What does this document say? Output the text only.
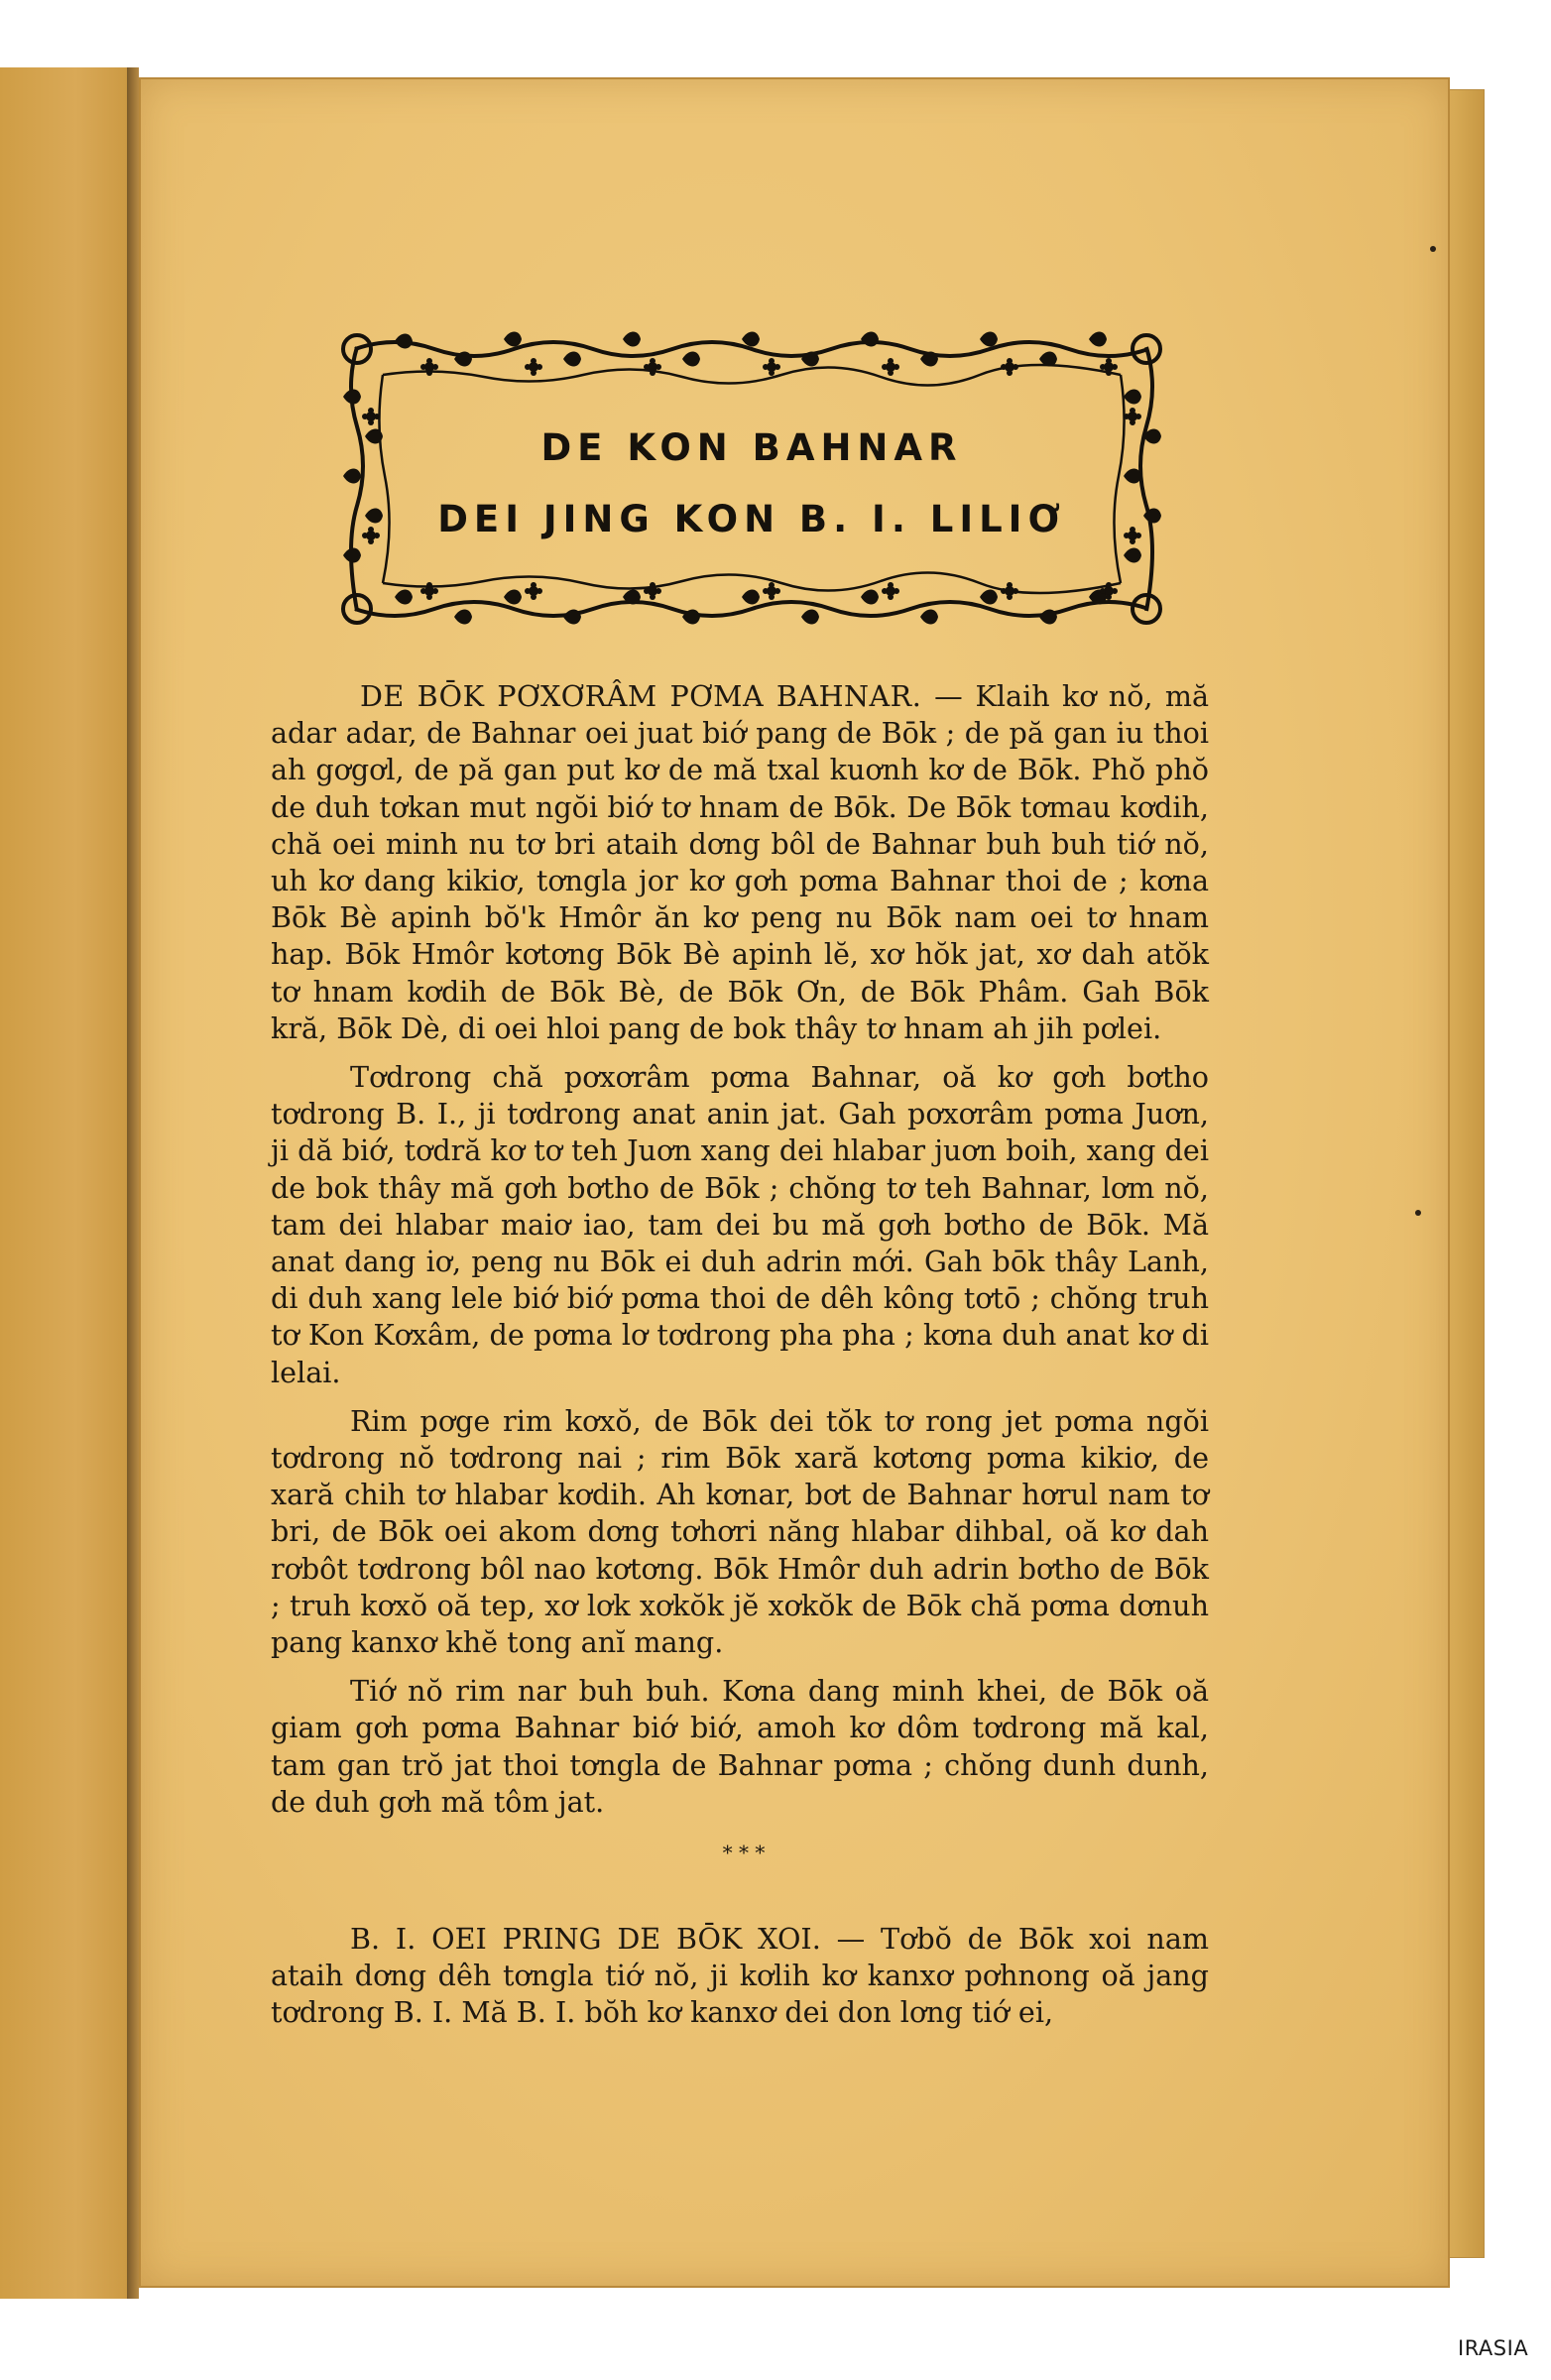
DE KON BAHNAR
DEI JING KON B. I. LILIƠ

DE BŌK PƠXƠRÂM PƠMA BAHNAR. — Klaih kơ nŏ, mă adar adar, de Bahnar oei juat biớ pang de Bōk ; de pă gan iu thoi ah gơgơl, de pă gan put kơ de mă txal kuơnh kơ de Bōk. Phŏ phŏ de duh tơkan mut ngŏi biớ tơ hnam de Bōk. De Bōk tơmau kơdih, chă oei minh nu tơ bri ataih dơng bôl de Bahnar buh buh tiớ nŏ, uh kơ dang kikiơ, tơngla jor kơ gơh pơma Bahnar thoi de ; kơna Bōk Bè apinh bŏ'k Hmôr ăn kơ peng nu Bōk nam oei tơ hnam hap. Bōk Hmôr kơtơng Bōk Bè apinh lĕ, xơ hŏk jat, xơ dah atŏk tơ hnam kơdih de Bōk Bè, de Bōk Ơn, de Bōk Phâm. Gah Bōk kră, Bōk Dè, di oei hloi pang de bok thây tơ hnam ah jih pơlei.

Tơdrong chă pơxơrâm pơma Bahnar, oă kơ gơh bơtho tơdrong B. I., ji tơdrong anat anin jat. Gah pơxơrâm pơma Juơn, ji dă biớ, tơdră kơ tơ teh Juơn xang dei hlabar juơn boih, xang dei de bok thây mă gơh bơtho de Bōk ; chŏng tơ teh Bahnar, lơm nŏ, tam dei hlabar maiơ iao, tam dei bu mă gơh bơtho de Bōk. Mă anat dang iơ, peng nu Bōk ei duh adrin mới. Gah bōk thây Lanh, di duh xang lele biớ biớ pơma thoi de dêh kông tơtō ; chŏng truh tơ Kon Kơxâm, de pơma lơ tơdrong pha pha ; kơna duh anat kơ di lelai.

Rim pơge rim kơxŏ, de Bōk dei tŏk tơ rong jet pơma ngŏi tơdrong nŏ tơdrong nai ; rim Bōk xară kơtơng pơma kikiơ, de xară chih tơ hlabar kơdih. Ah kơnar, bơt de Bahnar hơrul nam tơ bri, de Bōk oei akom dơng tơhơri năng hlabar dihbal, oă kơ dah rơbôt tơdrong bôl nao kơtơng. Bōk Hmôr duh adrin bơtho de Bōk ; truh kơxŏ oă tep, xơ lơk xơkŏk jĕ xơkŏk de Bōk chă pơma dơnuh pang kanxơ khĕ tong anĭ mang.

Tiớ nŏ rim nar buh buh. Kơna dang minh khei, de Bōk oă giam gơh pơma Bahnar biớ biớ, amoh kơ dôm tơdrong mă kal, tam gan trŏ jat thoi tơngla de Bahnar pơma ; chŏng dunh dunh, de duh gơh mă tôm jat.

* * *

B. I. OEI PRING DE BŌK XOI. — Tơbŏ de Bōk xoi nam ataih dơng dêh tơngla tiớ nŏ, ji kơlih kơ kanxơ pơhnong oă jang tơdrong B. I. Mă B. I. bŏh kơ kanxơ dei don lơng tiớ ei,

IRASIA
